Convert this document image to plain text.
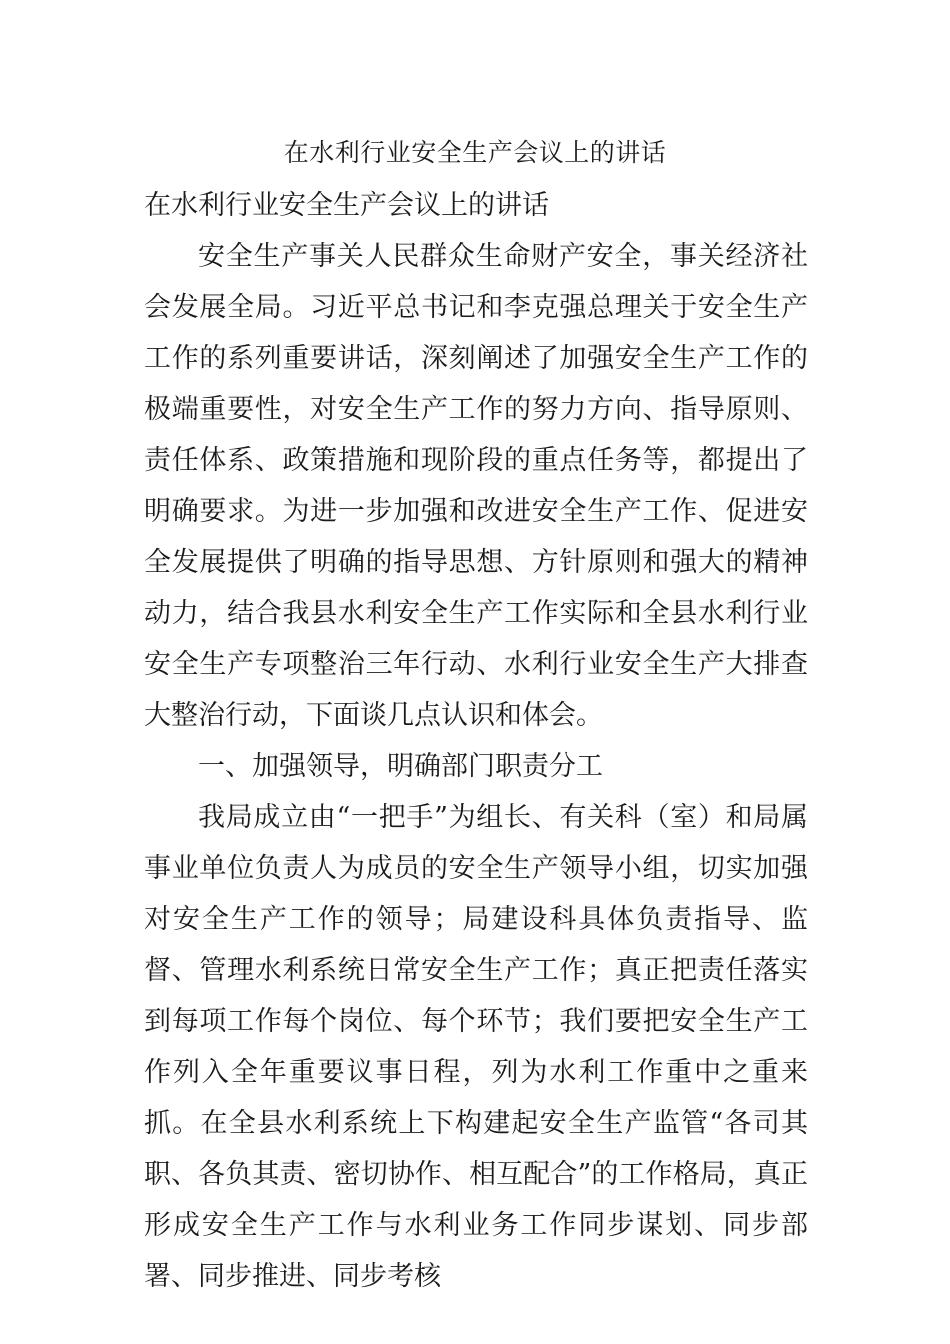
在水利行业安全生产会议上的讲话

在水利行业安全生产会议上的讲话

安全生产事关人民群众生命财产安全，事关经济社会发展全局。习近平总书记和李克强总理关于安全生产工作的系列重要讲话，深刻阐述了加强安全生产工作的极端重要性，对安全生产工作的努力方向、指导原则、责任体系、政策措施和现阶段的重点任务等，都提出了明确要求。为进一步加强和改进安全生产工作、促进安全发展提供了明确的指导思想、方针原则和强大的精神动力，结合我县水利安全生产工作实际和全县水利行业安全生产专项整治三年行动、水利行业安全生产大排查大整治行动，下面谈几点认识和体会。

一、加强领导，明确部门职责分工

我局成立由“一把手”为组长、有关科（室）和局属事业单位负责人为成员的安全生产领导小组，切实加强对安全生产工作的领导；局建设科具体负责指导、监督、管理水利系统日常安全生产工作；真正把责任落实到每项工作每个岗位、每个环节；我们要把安全生产工作列入全年重要议事日程，列为水利工作重中之重来抓。在全县水利系统上下构建起安全生产监管“各司其职、各负其责、密切协作、相互配合”的工作格局，真正形成安全生产工作与水利业务工作同步谋划、同步部署、同步推进、同步考核
